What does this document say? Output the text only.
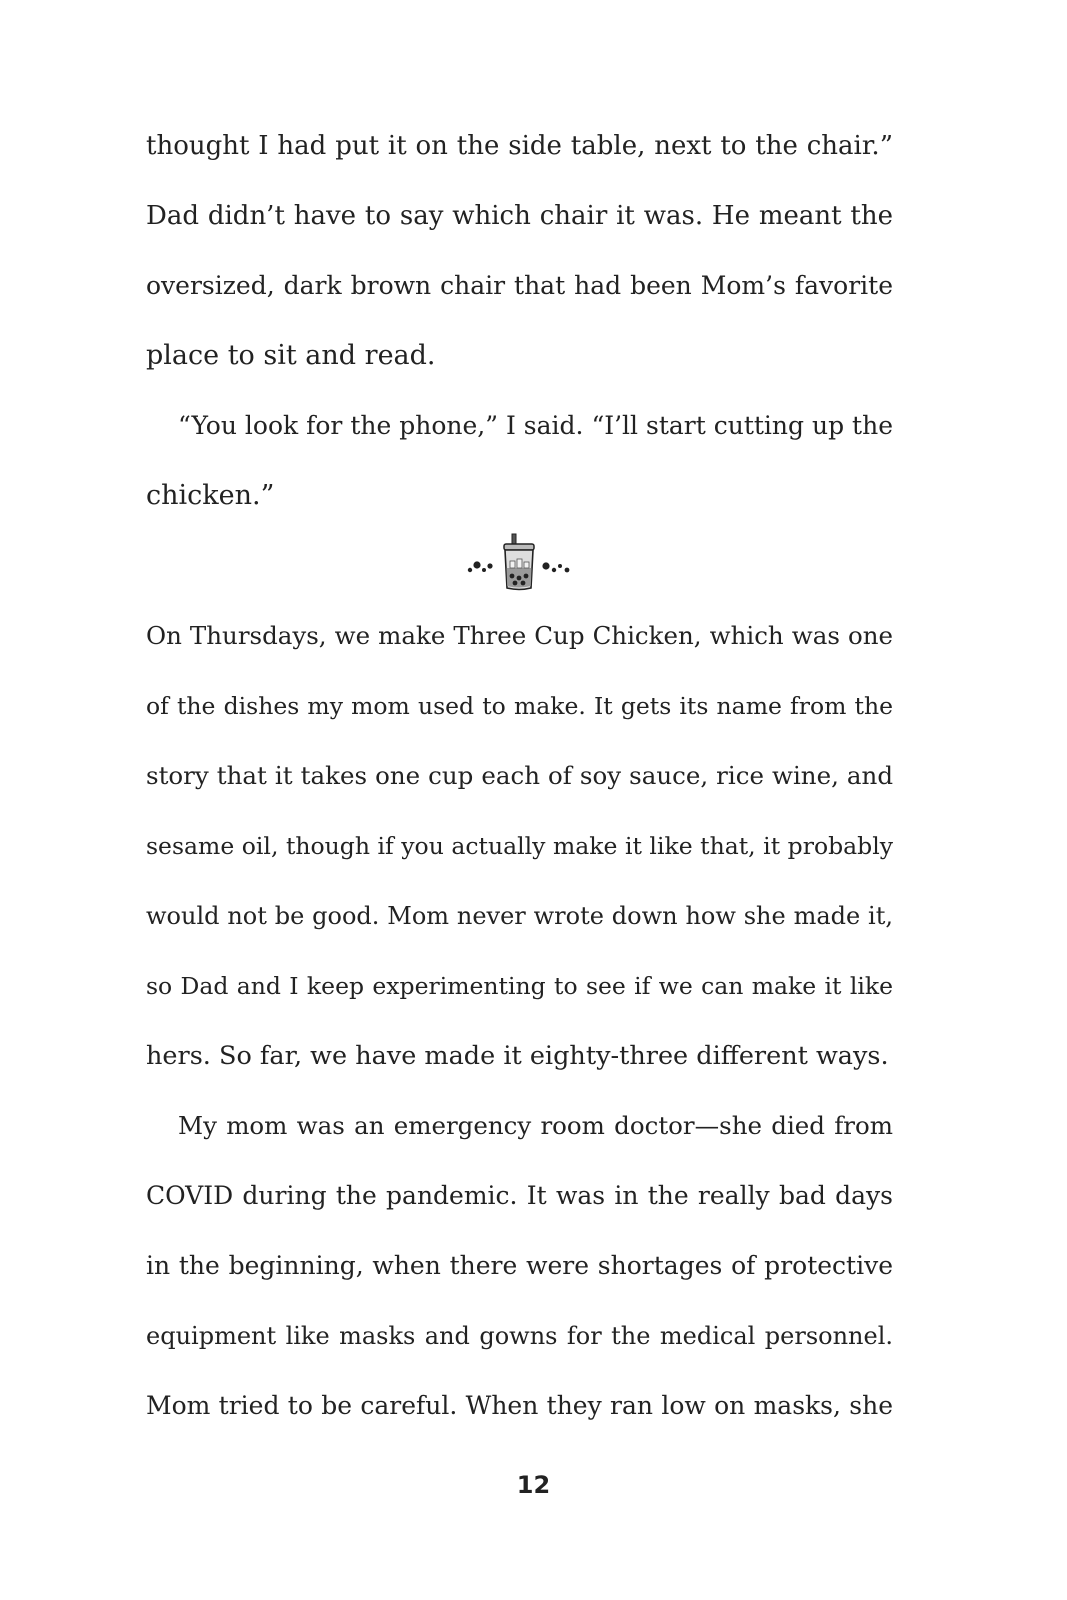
thought I had put it on the side table, next to the chair.”
Dad didn’t have to say which chair it was. He meant the
oversized, dark brown chair that had been Mom’s favorite
place to sit and read.
“You look for the phone,” I said. “I’ll start cutting up the
chicken.”
On Thursdays, we make Three Cup Chicken, which was one
of the dishes my mom used to make. It gets its name from the
story that it takes one cup each of soy sauce, rice wine, and
sesame oil, though if you actually make it like that, it probably
would not be good. Mom never wrote down how she made it,
so Dad and I keep experimenting to see if we can make it like
hers. So far, we have made it eighty-three different ways.
My mom was an emergency room doctor—she died from
COVID during the pandemic. It was in the really bad days
in the beginning, when there were shortages of protective
equipment like masks and gowns for the medical personnel.
Mom tried to be careful. When they ran low on masks, she
12
